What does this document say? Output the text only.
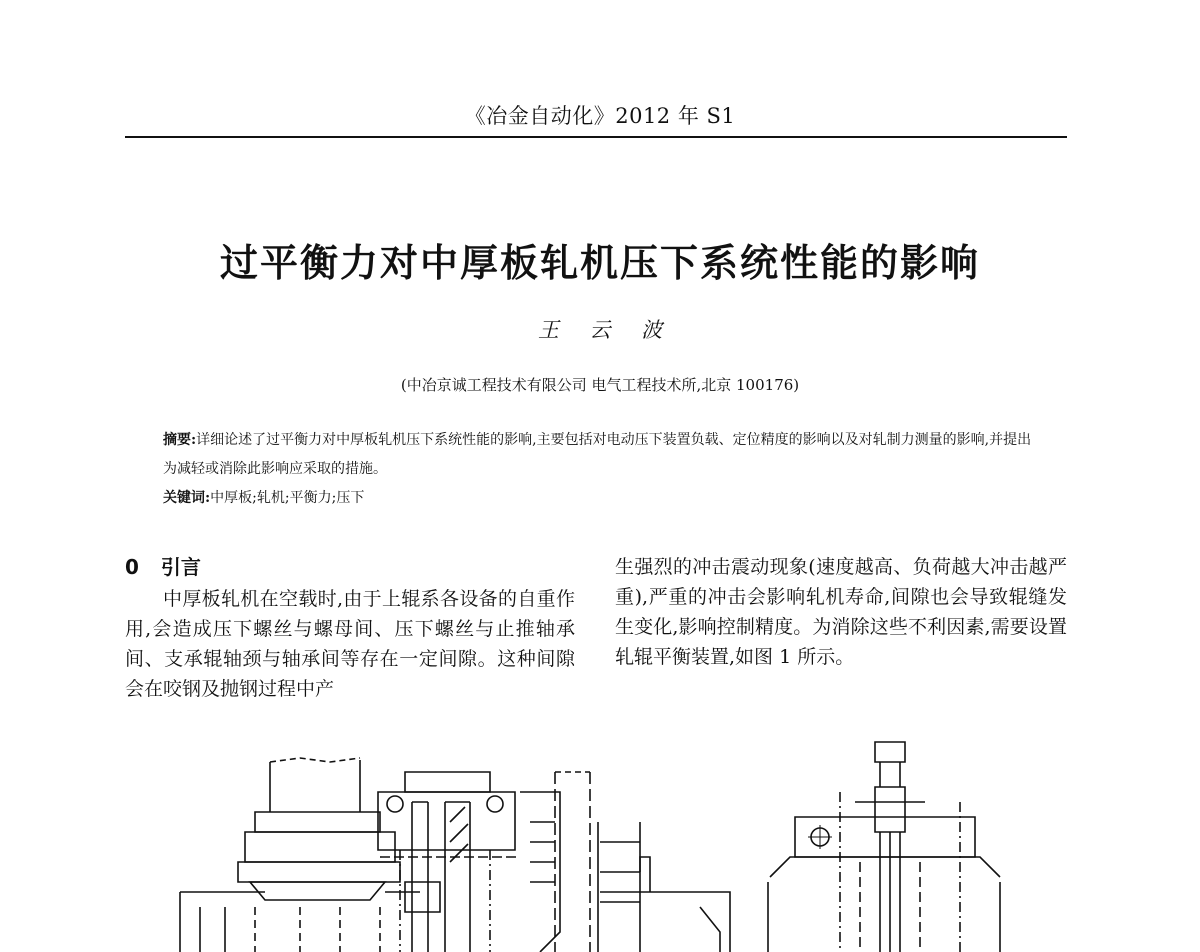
《冶金自动化》2012 年 S1
过平衡力对中厚板轧机压下系统性能的影响
王 云 波
(中冶京诚工程技术有限公司 电气工程技术所,北京 100176)
摘要:详细论述了过平衡力对中厚板轧机压下系统性能的影响,主要包括对电动压下装置负载、定位精度的影响以及对轧制力测量的影响,并提出为减轻或消除此影响应采取的措施。
关键词:中厚板;轧机;平衡力;压下
0 引言
中厚板轧机在空载时,由于上辊系各设备的自重作用,会造成压下螺丝与螺母间、压下螺丝与止推轴承间、支承辊轴颈与轴承间等存在一定间隙。这种间隙会在咬钢及抛钢过程中产
生强烈的冲击震动现象(速度越高、负荷越大冲击越严重),严重的冲击会影响轧机寿命,间隙也会导致辊缝发生变化,影响控制精度。为消除这些不利因素,需要设置轧辊平衡装置,如图 1 所示。
